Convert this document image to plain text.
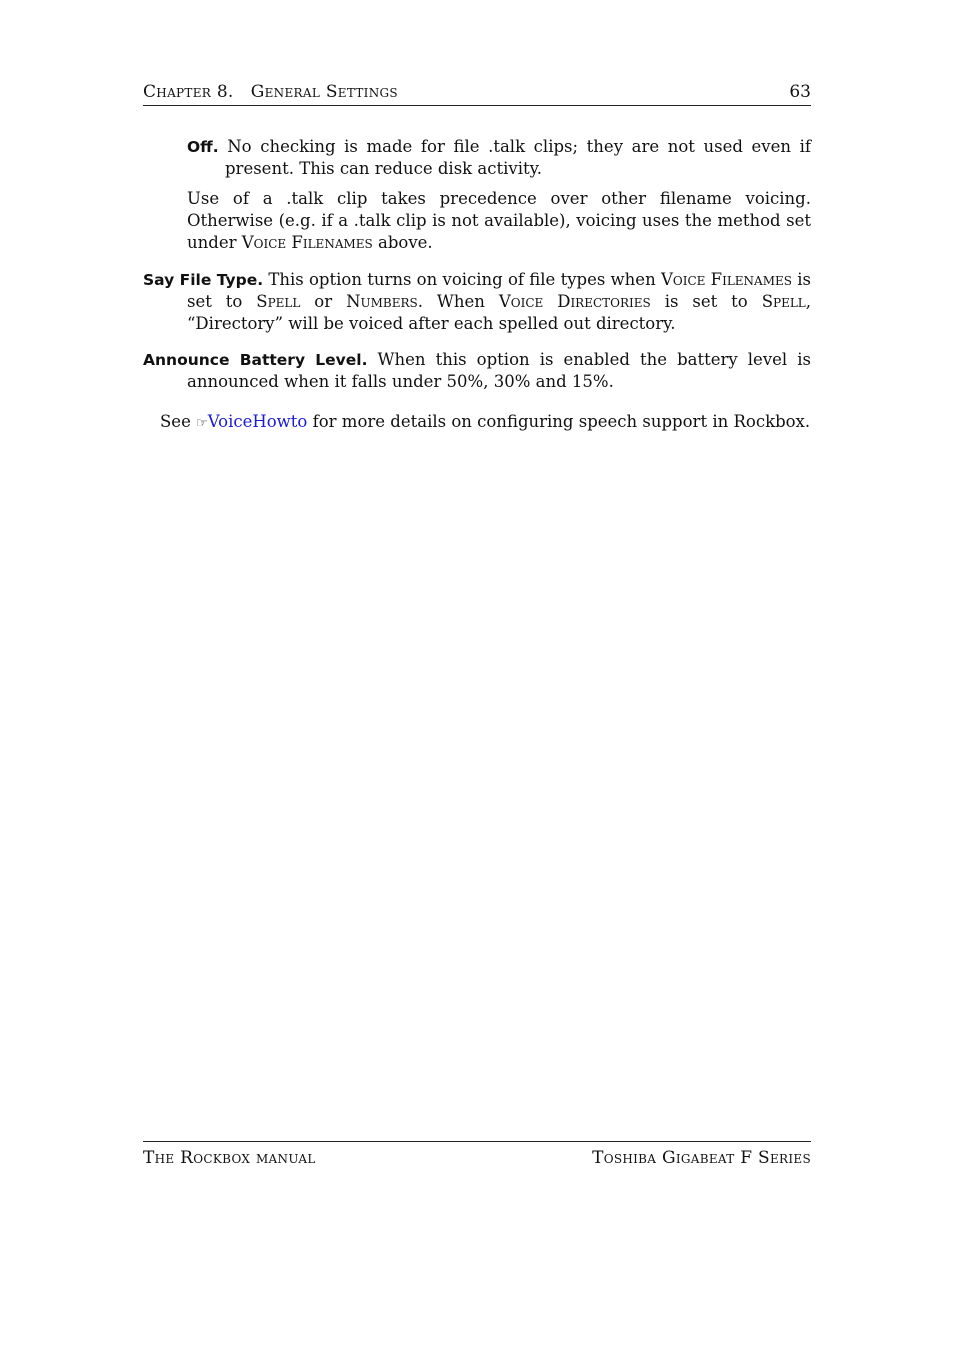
Chapter 8.   General Settings	63

Off. No checking is made for file .talk clips; they are not used even if present. This can reduce disk activity.

Use of a .talk clip takes precedence over other filename voicing. Otherwise (e.g. if a .talk clip is not available), voicing uses the method set under Voice Filenames above.

Say File Type. This option turns on voicing of file types when Voice Filenames is set to Spell or Numbers. When Voice Directories is set to Spell, “Directory” will be voiced after each spelled out directory.

Announce Battery Level. When this option is enabled the battery level is announced when it falls under 50%, 30% and 15%.

See ☞VoiceHowto for more details on configuring speech support in Rockbox.

The Rockbox manual	Toshiba Gigabeat F Series
